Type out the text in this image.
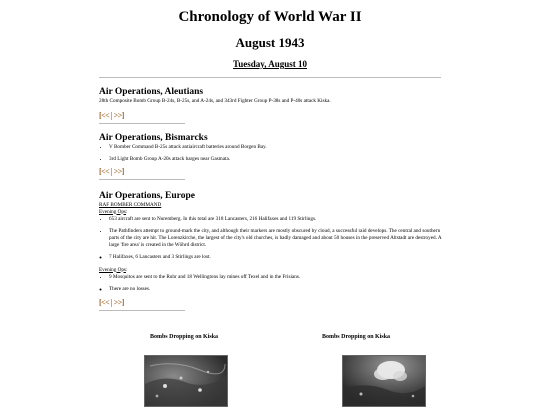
Chronology of World War II
August 1943
Tuesday, August 10
Air Operations, Aleutians
28th Composite Bomb Group B-24s, B-25s, and A-24s, and 343rd Fighter Group P-38s and P-40s attack Kiska.
[<< | >>]
Air Operations, Bismarcks
• V Bomber Command B-25s attack antiaircraft batteries around Borgen Bay.
• 3rd Light Bomb Group A-20s attack barges near Gasmata.
[<< | >>]
Air Operations, Europe
RAF BOMBER COMMAND
Evening Ops:
• 653 aircraft are sent to Nuremberg. In this total are 318 Lancasters, 216 Halifaxes and 119 Stirlings.
• The Pathfinders attempt to ground-mark the city, and although their markers are mostly obscured by cloud, a successful raid develops. The central and southern parts of the city are hit. The Lorenzkirche, the largest of the city's old churches, is badly damaged and about 50 houses in the preserved Altstadt are destroyed. A large 'fire area' is created in the Wöhrd district.
◦ 7 Halifaxes, 6 Lancasters and 3 Stirlings are lost.
Evening Ops:
• 9 Mosquitos are sent to the Ruhr and 18 Wellingtons lay mines off Texel and in the Frisians.
◦ There are no losses.
[<< | >>]
Bombs Dropping on Kiska	Bombs Dropping on Kiska
